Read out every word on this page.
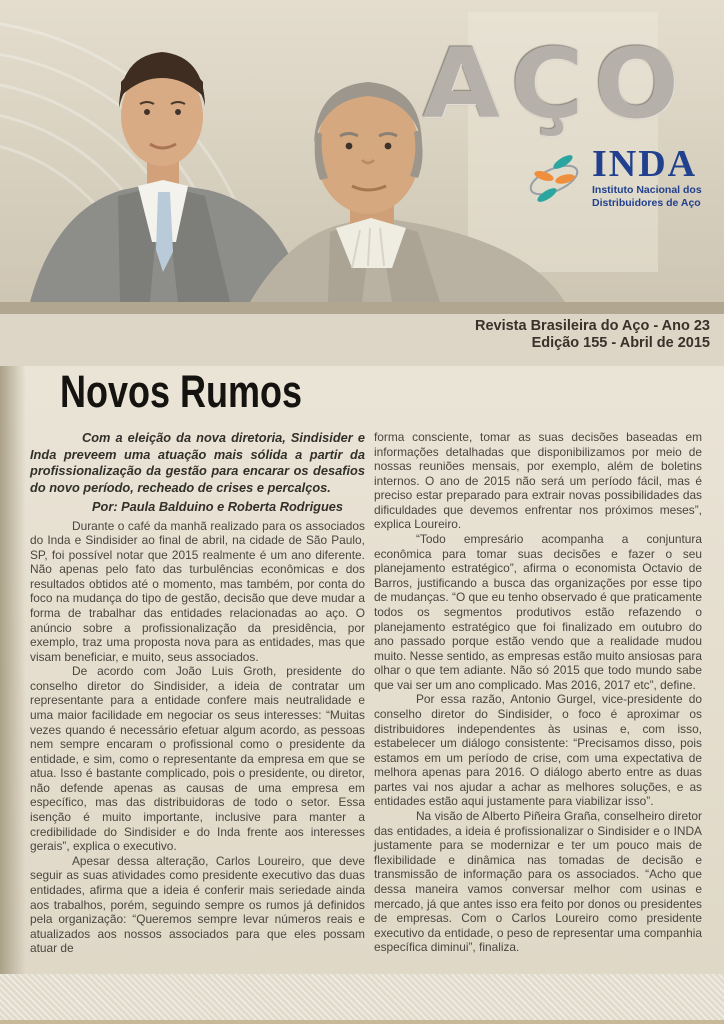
AÇO
INDA
Instituto Nacional dos
Distribuidores de Aço
Revista Brasileira do Aço - Ano 23
Edição 155 - Abril de 2015
Novos Rumos

Com a eleição da nova diretoria, Sindisider e Inda preveem uma atuação mais sólida a partir da profissionalização da gestão para encarar os desafios do novo período, recheado de crises e percalços.

Por: Paula Balduino e Roberta Rodrigues

Durante o café da manhã realizado para os associados do Inda e Sindisider ao final de abril, na cidade de São Paulo, SP, foi possível notar que 2015 realmente é um ano diferente. Não apenas pelo fato das turbulências econômicas e dos resultados obtidos até o momento, mas também, por conta do foco na mudança do tipo de gestão, decisão que deve mudar a forma de trabalhar das entidades relacionadas ao aço. O anúncio sobre a profissionalização da presidência, por exemplo, traz uma proposta nova para as entidades, mas que visam beneficiar, e muito, seus associados.

De acordo com João Luis Groth, presidente do conselho diretor do Sindisider, a ideia de contratar um representante para a entidade confere mais neutralidade e uma maior facilidade em negociar os seus interesses: “Muitas vezes quando é necessário efetuar algum acordo, as pessoas nem sempre encaram o profissional como o presidente da entidade, e sim, como o representante da empresa em que se atua. Isso é bastante complicado, pois o presidente, ou diretor, não defende apenas as causas de uma empresa em específico, mas das distribuidoras de todo o setor. Essa isenção é muito importante, inclusive para manter a credibilidade do Sindisider e do Inda frente aos interesses gerais”, explica o executivo.

Apesar dessa alteração, Carlos Loureiro, que deve seguir as suas atividades como presidente executivo das duas entidades, afirma que a ideia é conferir mais seriedade ainda aos trabalhos, porém, seguindo sempre os rumos já definidos pela organização: “Queremos sempre levar números reais e atualizados aos nossos associados para que eles possam atuar de

forma consciente, tomar as suas decisões baseadas em informações detalhadas que disponibilizamos por meio de nossas reuniões mensais, por exemplo, além de boletins internos. O ano de 2015 não será um período fácil, mas é preciso estar preparado para extrair novas possibilidades das dificuldades que devemos enfrentar nos próximos meses”, explica Loureiro.

“Todo empresário acompanha a conjuntura econômica para tomar suas decisões e fazer o seu planejamento estratégico”, afirma o economista Octavio de Barros, justificando a busca das organizações por esse tipo de mudanças. “O que eu tenho observado é que praticamente todos os segmentos produtivos estão refazendo o planejamento estratégico que foi finalizado em outubro do ano passado porque estão vendo que a realidade mudou muito. Nesse sentido, as empresas estão muito ansiosas para olhar o que tem adiante. Não só 2015 que todo mundo sabe que vai ser um ano complicado. Mas 2016, 2017 etc”, define.

Por essa razão, Antonio Gurgel, vice-presidente do conselho diretor do Sindisider, o foco é aproximar os distribuidores independentes às usinas e, com isso, estabelecer um diálogo consistente: “Precisamos disso, pois estamos em um período de crise, com uma expectativa de melhora apenas para 2016. O diálogo aberto entre as duas partes vai nos ajudar a achar as melhores soluções, e as entidades estão aqui justamente para viabilizar isso”.

Na visão de Alberto Piñeira Graña, conselheiro diretor das entidades, a ideia é profissionalizar o Sindisider e o INDA justamente para se modernizar e ter um pouco mais de flexibilidade e dinâmica nas tomadas de decisão e transmissão de informação para os associados. “Acho que dessa maneira vamos conversar melhor com usinas e mercado, já que antes isso era feito por donos ou presidentes de empresas. Com o Carlos Loureiro como presidente executivo da entidade, o peso de representar uma companhia específica diminui”, finaliza.
